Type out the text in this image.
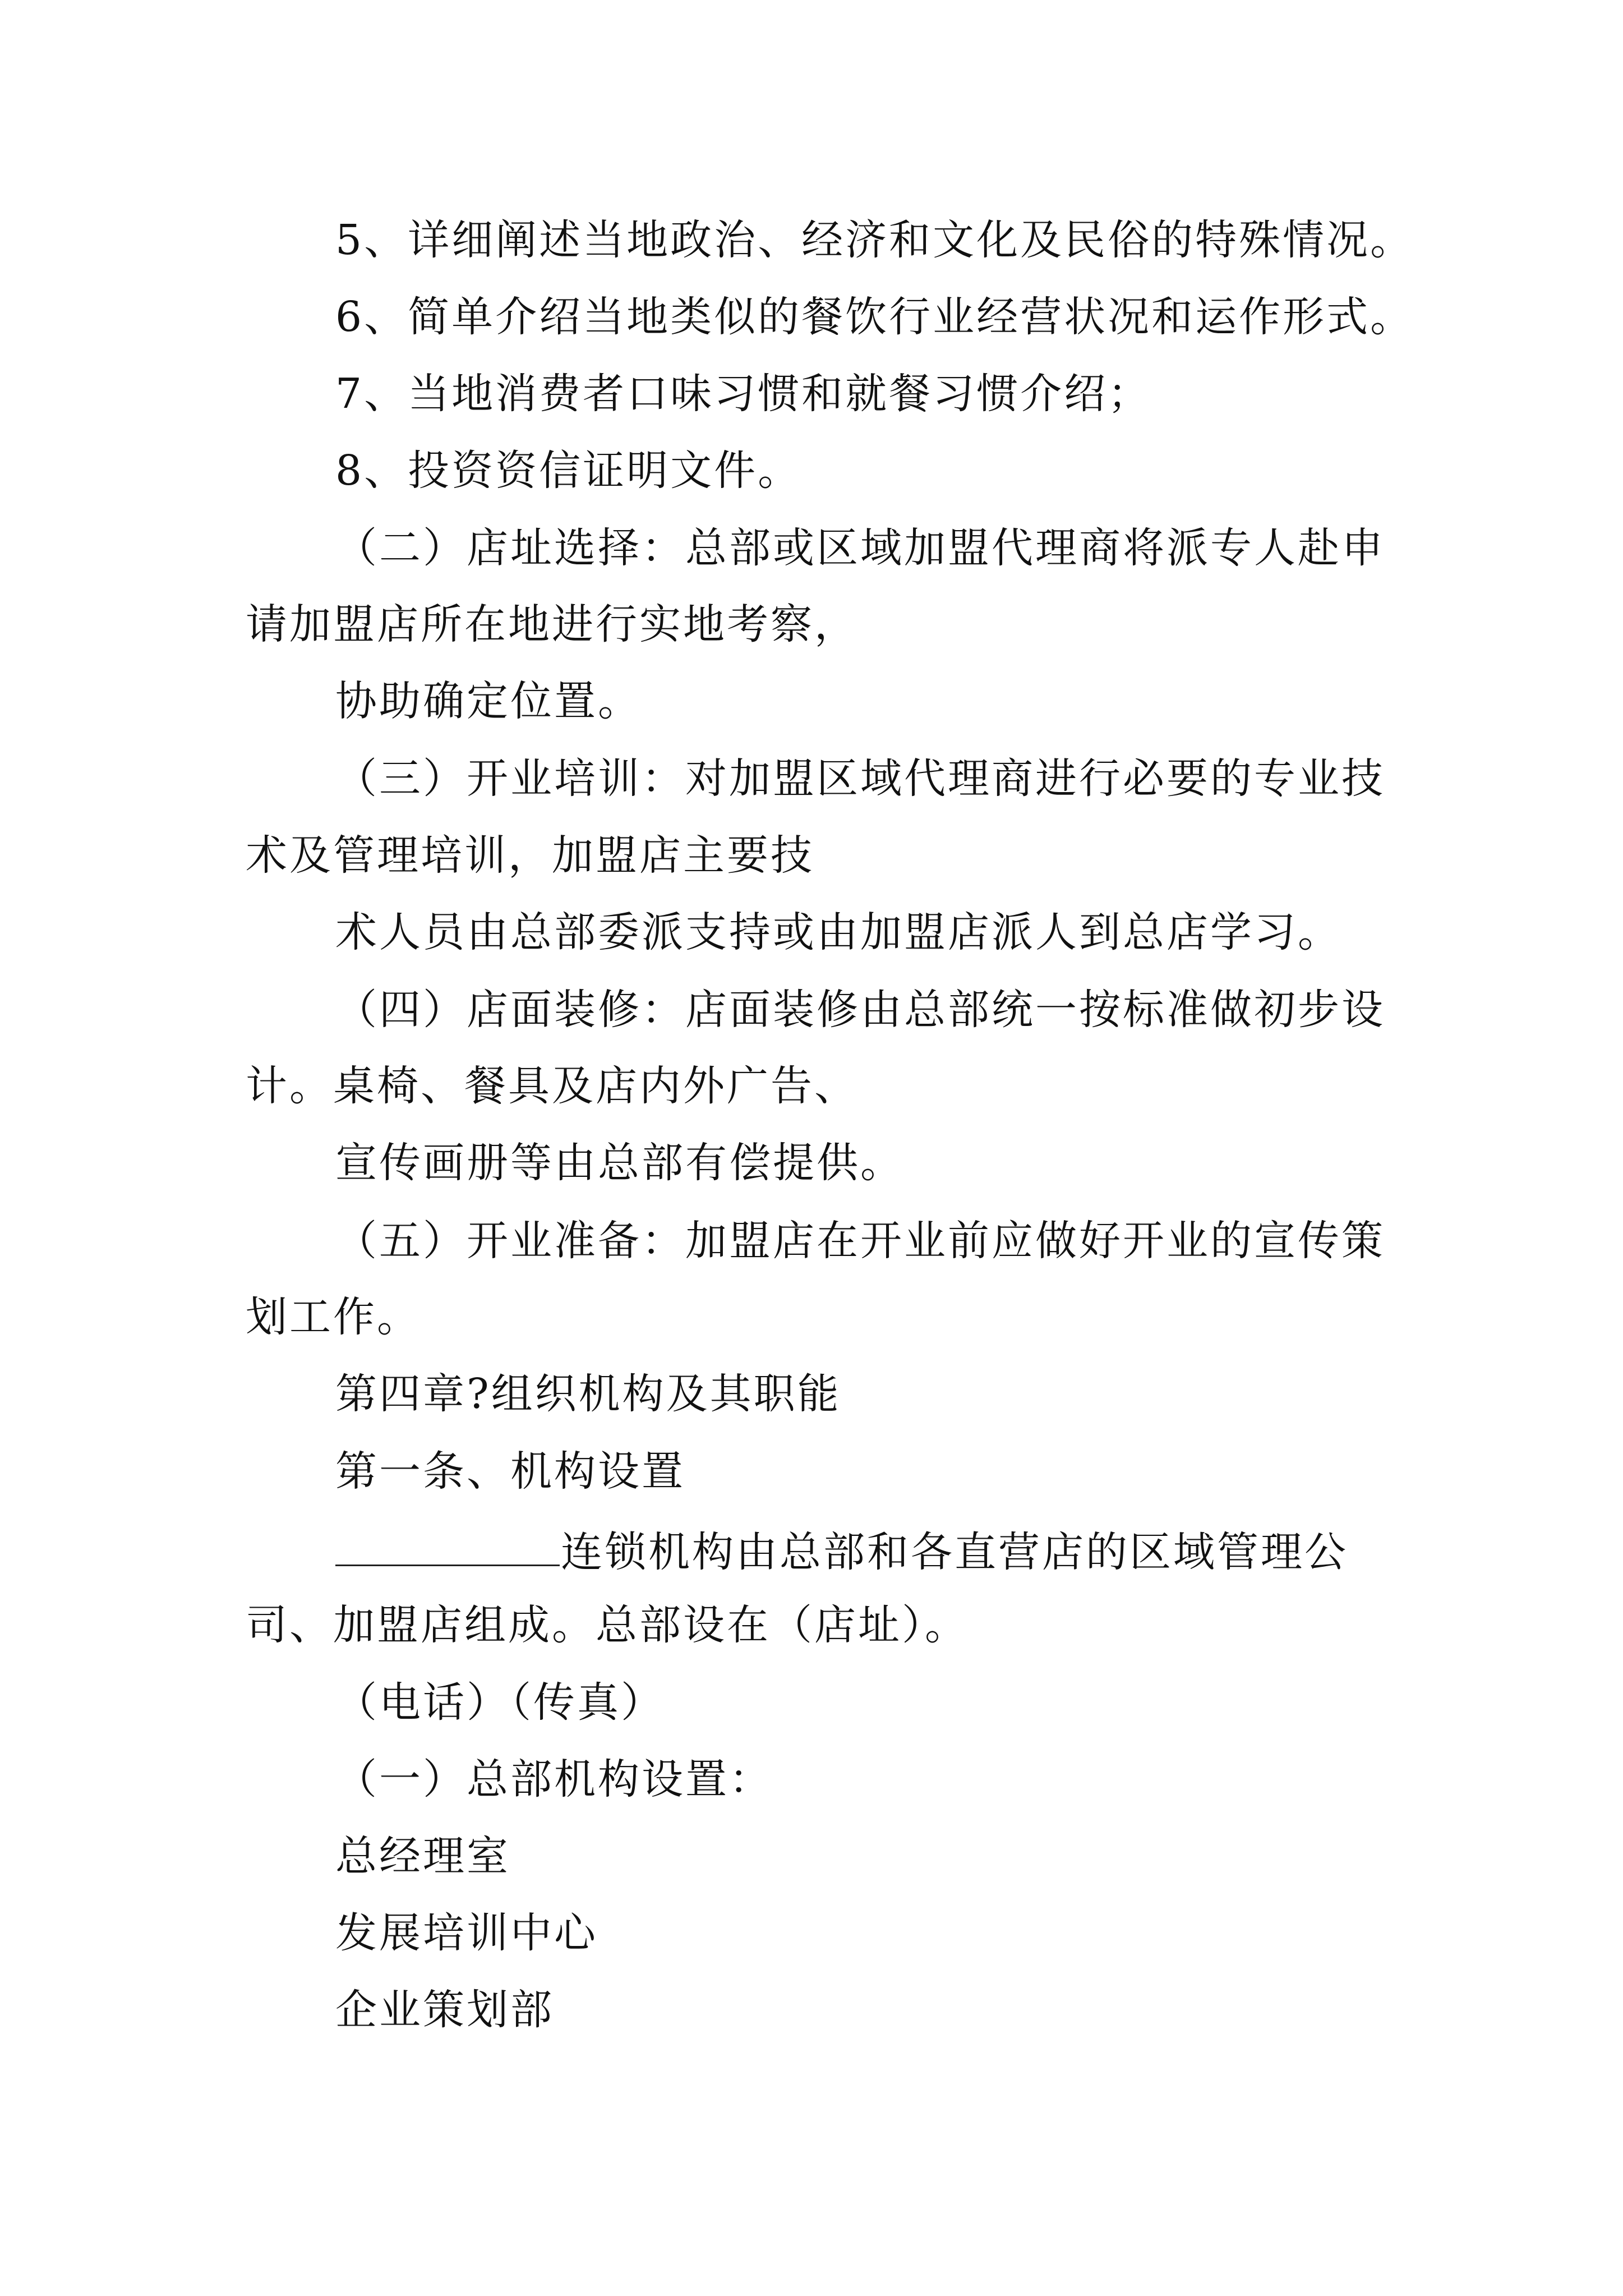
5、详细阐述当地政治、经济和文化及民俗的特殊情况。
6、简单介绍当地类似的餐饮行业经营状况和运作形式。
7、当地消费者口味习惯和就餐习惯介绍；
8、投资资信证明文件。
（二）店址选择：总部或区域加盟代理商将派专人赴申
请加盟店所在地进行实地考察，
协助确定位置。
（三）开业培训：对加盟区域代理商进行必要的专业技
术及管理培训，加盟店主要技
术人员由总部委派支持或由加盟店派人到总店学习。
（四）店面装修：店面装修由总部统一按标准做初步设
计。桌椅、餐具及店内外广告、
宣传画册等由总部有偿提供。
（五）开业准备：加盟店在开业前应做好开业的宣传策
划工作。
第四章?组织机构及其职能
第一条、机构设置
连锁机构由总部和各直营店的区域管理公
司、加盟店组成。总部设在（店址）。
（电话）（传真）
（一）总部机构设置：
总经理室
发展培训中心
企业策划部
